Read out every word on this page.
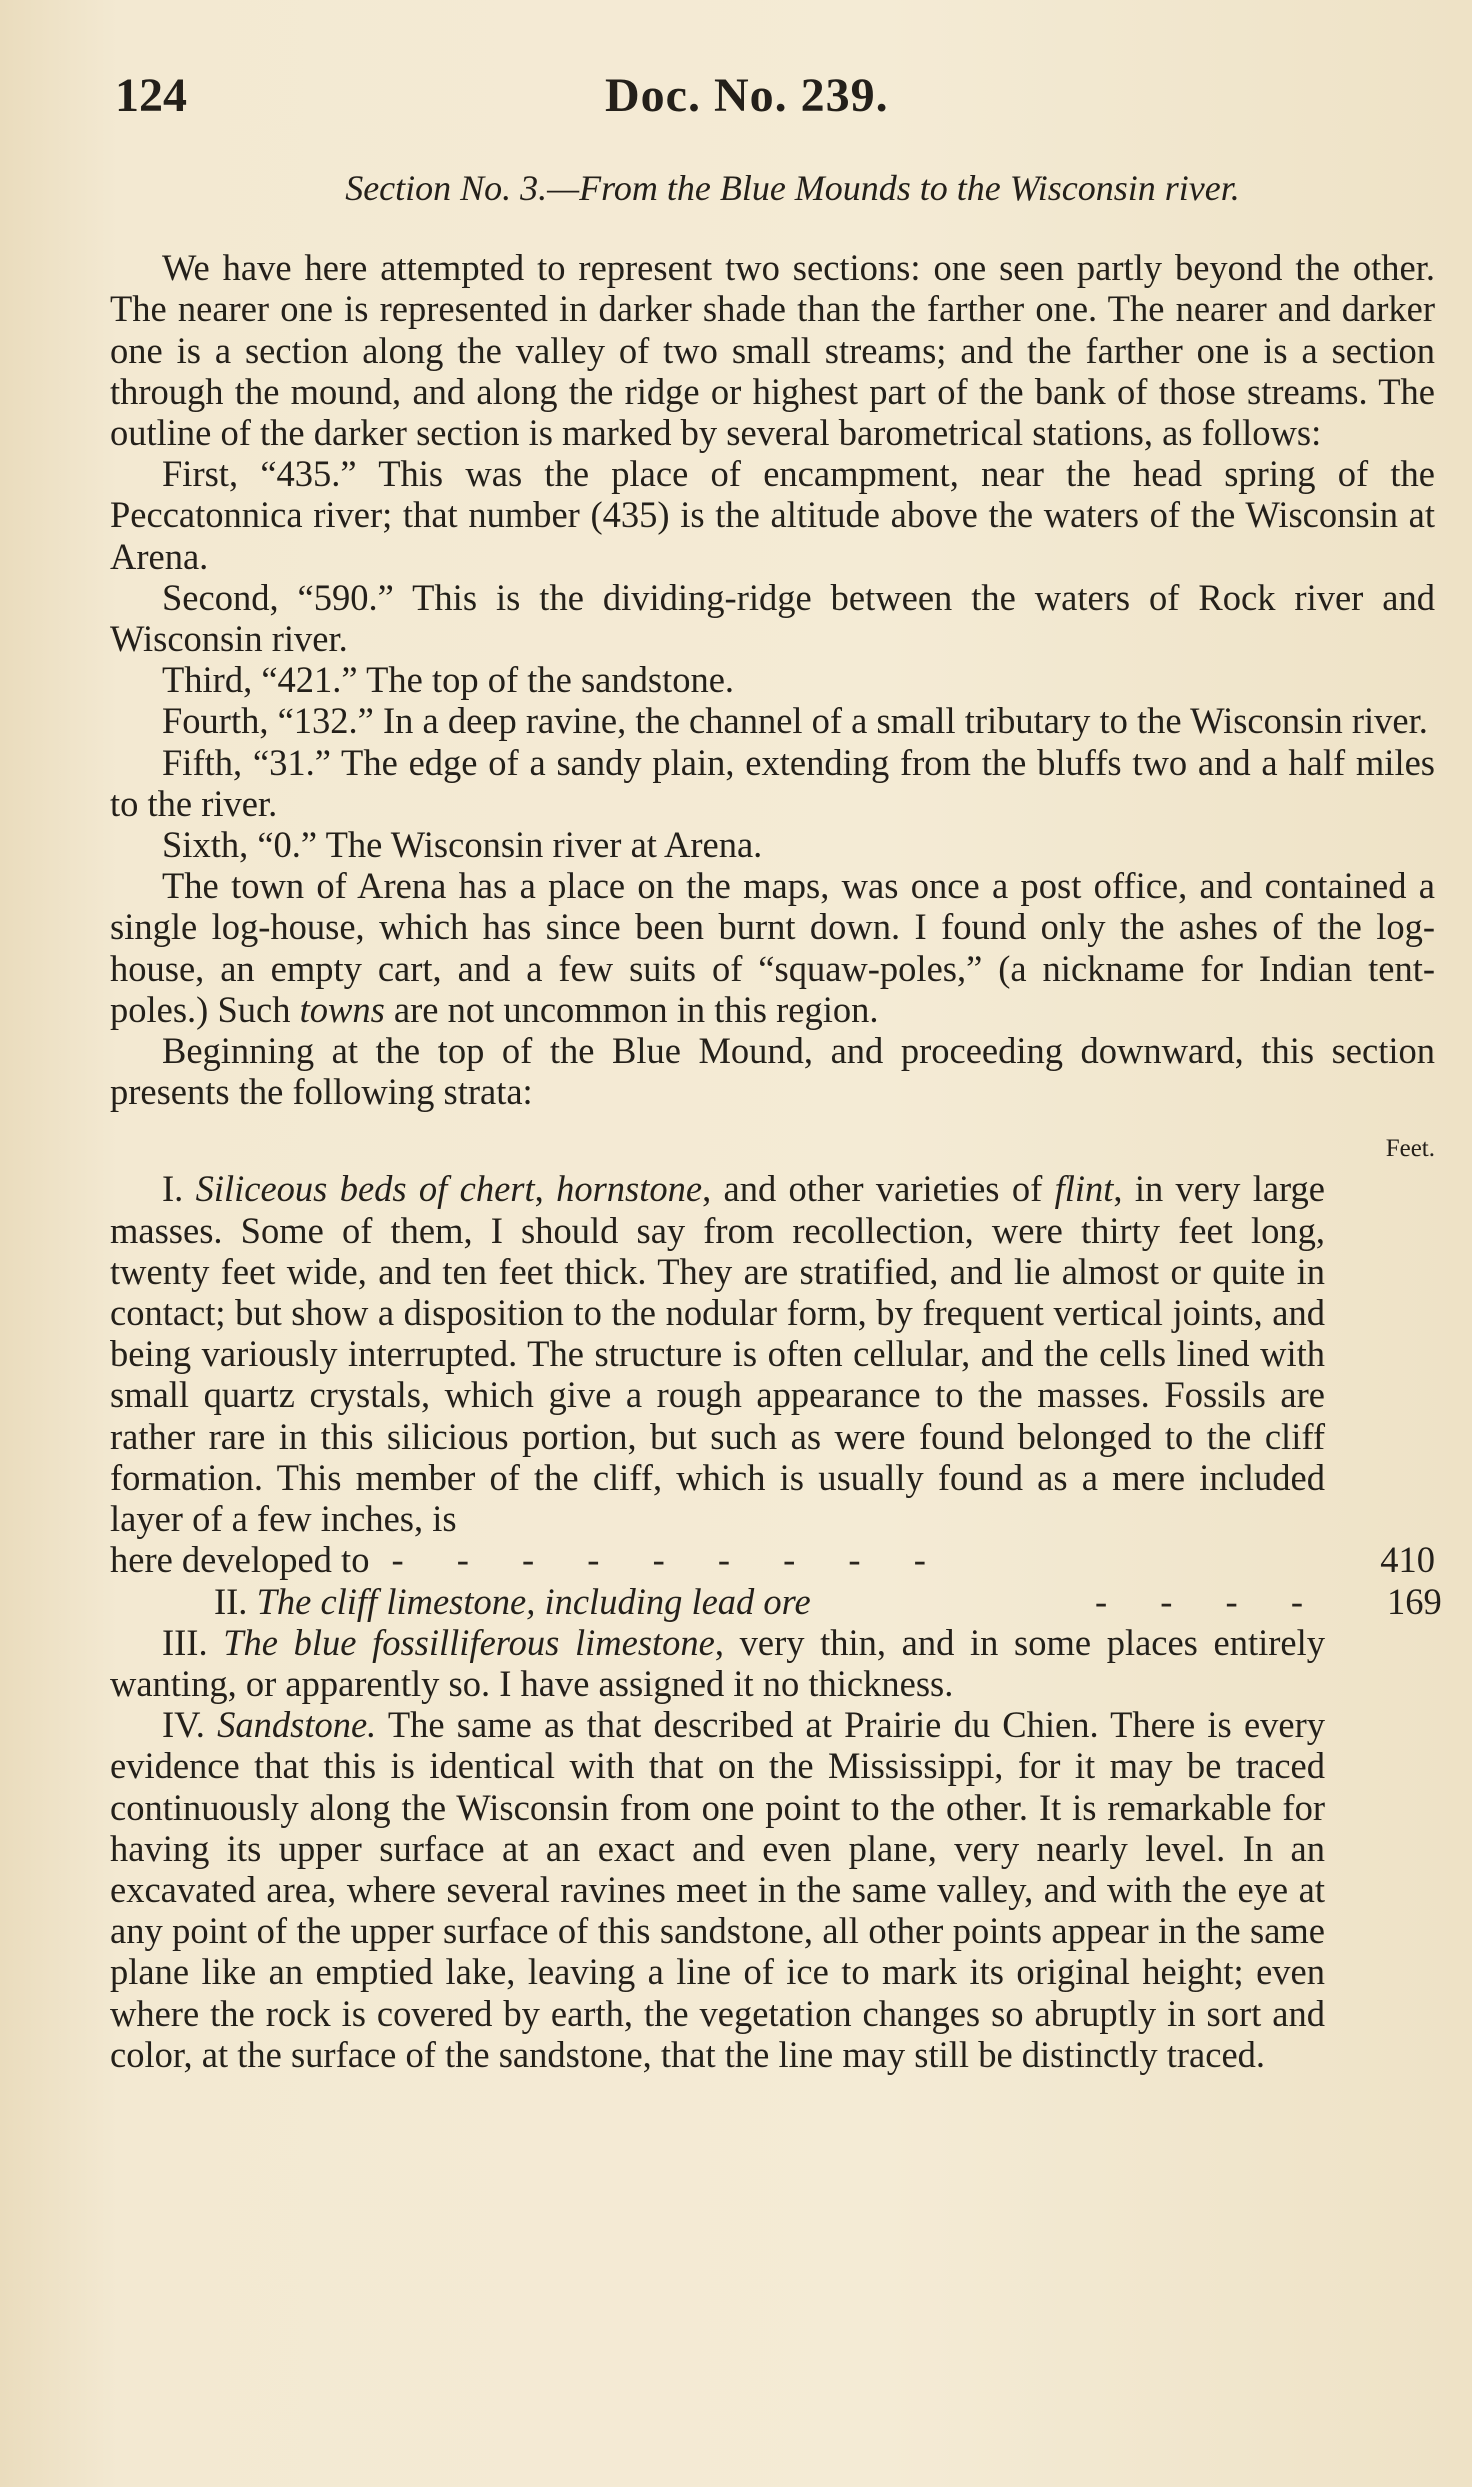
124	Doc. No. 239.

Section No. 3.—From the Blue Mounds to the Wisconsin river.

We have here attempted to represent two sections: one seen partly beyond the other. The nearer one is represented in darker shade than the farther one. The nearer and darker one is a section along the valley of two small streams; and the farther one is a section through the mound, and along the ridge or highest part of the bank of those streams. The outline of the darker section is marked by several barometrical stations, as follows:

First, “435.” This was the place of encampment, near the head spring of the Peccatonnica river; that number (435) is the altitude above the waters of the Wisconsin at Arena.

Second, “590.” This is the dividing-ridge between the waters of Rock river and Wisconsin river.

Third, “421.” The top of the sandstone.

Fourth, “132.” In a deep ravine, the channel of a small tributary to the Wisconsin river.

Fifth, “31.” The edge of a sandy plain, extending from the bluffs two and a half miles to the river.

Sixth, “0.” The Wisconsin river at Arena.

The town of Arena has a place on the maps, was once a post office, and contained a single log-house, which has since been burnt down. I found only the ashes of the log-house, an empty cart, and a few suits of “squaw-poles,” (a nickname for Indian tent-poles.) Such towns are not uncommon in this region.

Beginning at the top of the Blue Mound, and proceeding downward, this section presents the following strata:

Feet.

I. Siliceous beds of chert, hornstone, and other varieties of flint, in very large masses. Some of them, I should say from recollection, were thirty feet long, twenty feet wide, and ten feet thick. They are stratified, and lie almost or quite in contact; but show a disposition to the nodular form, by frequent vertical joints, and being variously interrupted. The structure is often cellular, and the cells lined with small quartz crystals, which give a rough appearance to the masses. Fossils are rather rare in this silicious portion, but such as were found belonged to the cliff formation. This member of the cliff, which is usually found as a mere included layer of a few inches, is

here developed to - - - - - - - - -	410

II. The cliff limestone, including lead ore	- - - -	169

III. The blue fossilliferous limestone, very thin, and in some places entirely wanting, or apparently so. I have assigned it no thickness.

IV. Sandstone. The same as that described at Prairie du Chien. There is every evidence that this is identical with that on the Mississippi, for it may be traced continuously along the Wisconsin from one point to the other. It is remarkable for having its upper surface at an exact and even plane, very nearly level. In an excavated area, where several ravines meet in the same valley, and with the eye at any point of the upper surface of this sandstone, all other points appear in the same plane like an emptied lake, leaving a line of ice to mark its original height; even where the rock is covered by earth, the vegetation changes so abruptly in sort and color, at the surface of the sandstone, that the line may still be distinctly traced.
